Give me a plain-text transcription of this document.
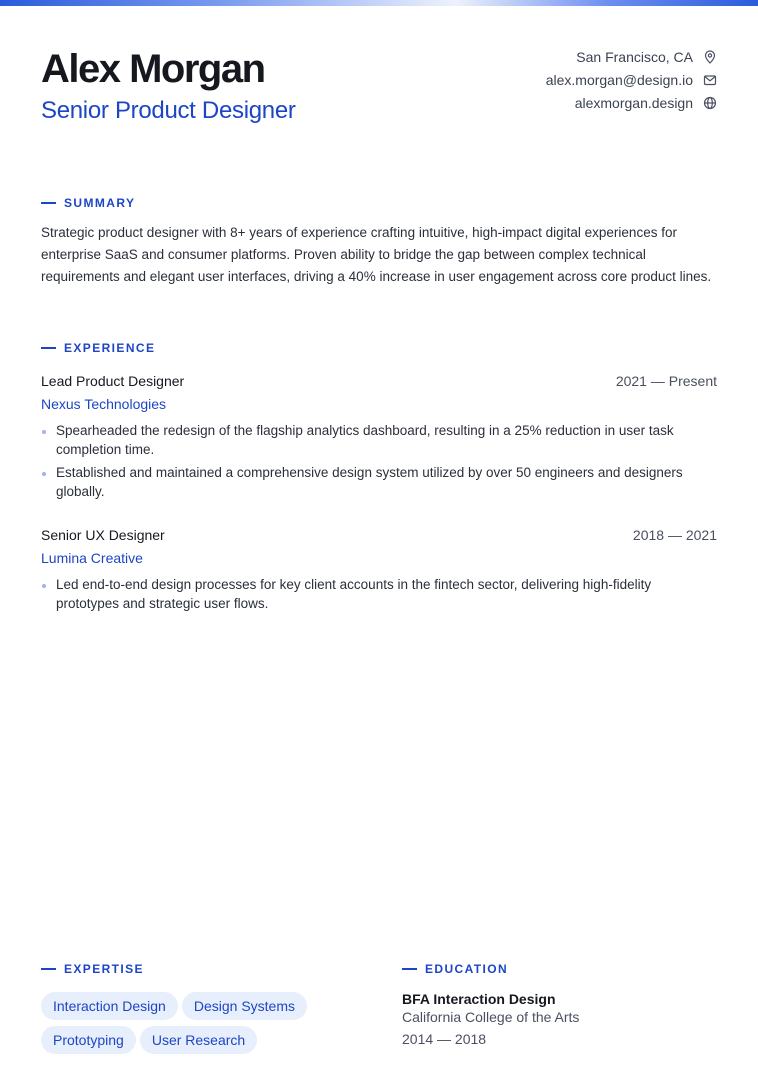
Alex Morgan
Senior Product Designer
San Francisco, CA
alex.morgan@design.io
alexmorgan.design
SUMMARY
Strategic product designer with 8+ years of experience crafting intuitive, high-impact digital experiences for enterprise SaaS and consumer platforms. Proven ability to bridge the gap between complex technical requirements and elegant user interfaces, driving a 40% increase in user engagement across core product lines.
EXPERIENCE
Lead Product Designer	2021 — Present
Nexus Technologies
Spearheaded the redesign of the flagship analytics dashboard, resulting in a 25% reduction in user task completion time.
Established and maintained a comprehensive design system utilized by over 50 engineers and designers globally.
Senior UX Designer	2018 — 2021
Lumina Creative
Led end-to-end design processes for key client accounts in the fintech sector, delivering high-fidelity prototypes and strategic user flows.
EXPERTISE
Interaction Design Design Systems
Prototyping User Research
EDUCATION
BFA Interaction Design
California College of the Arts
2014 — 2018
